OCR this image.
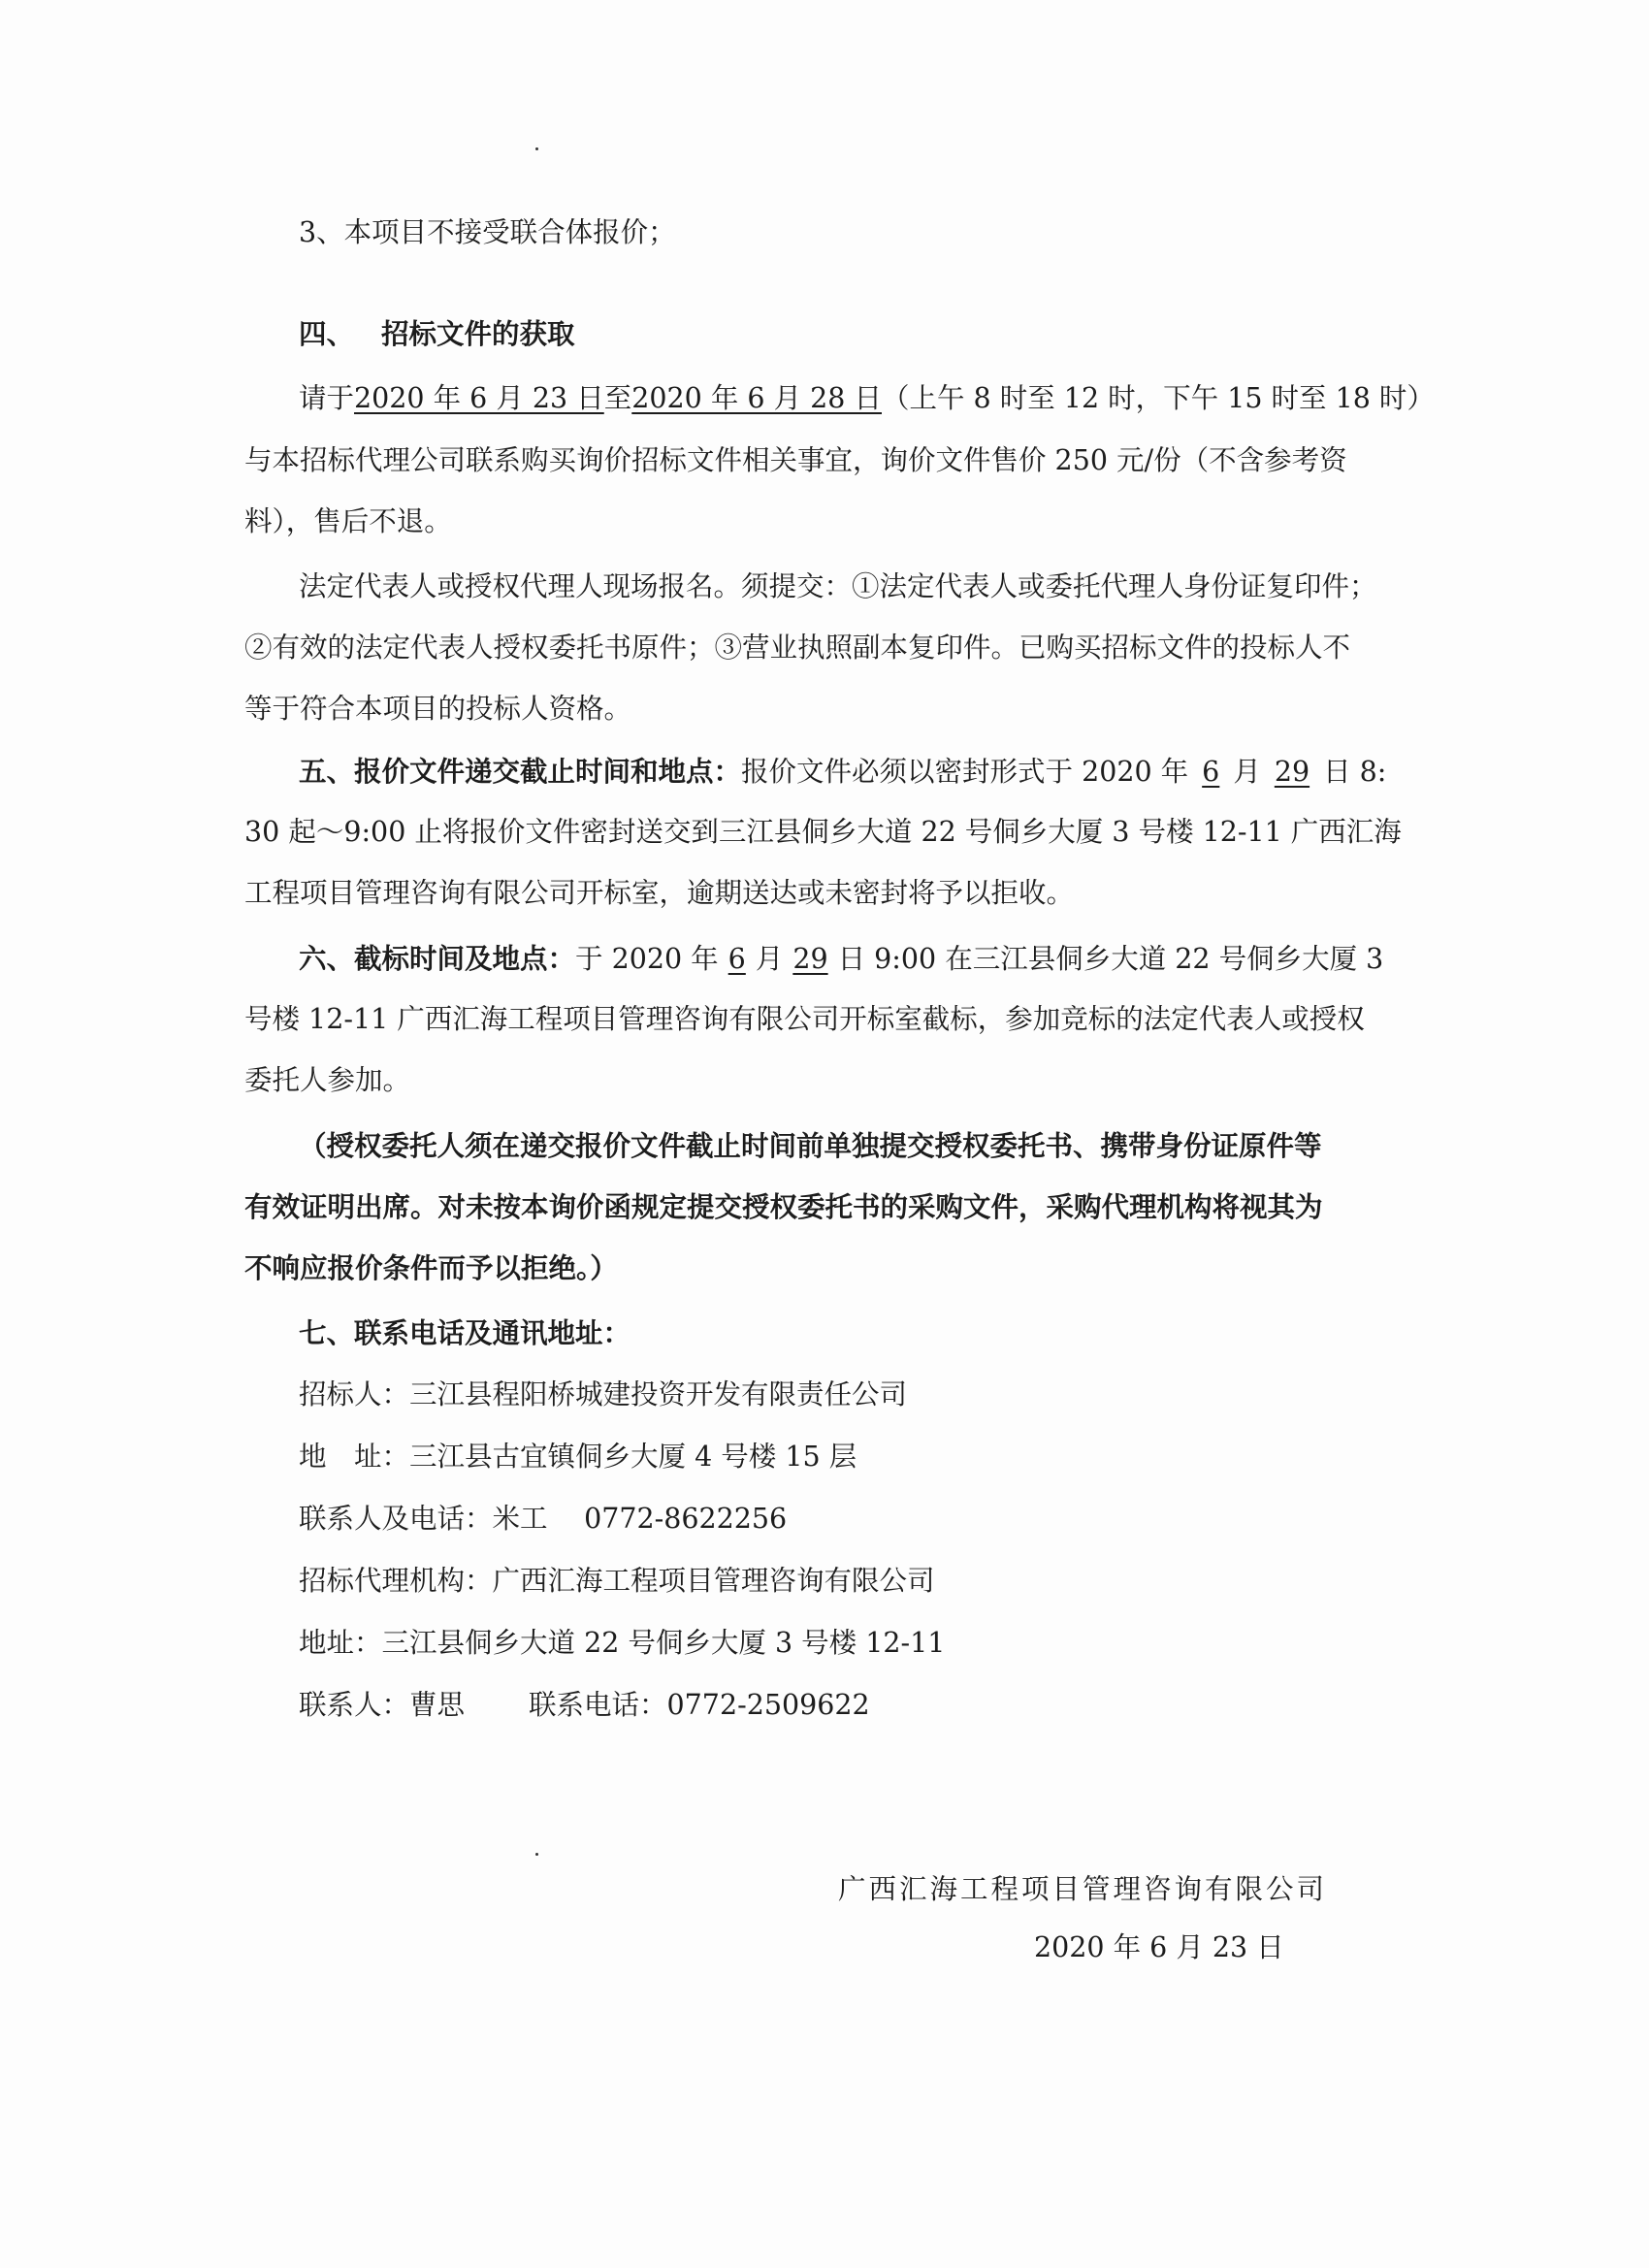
3、本项目不接受联合体报价；
四、 招标文件的获取
请于2020 年 6 月 23 日至2020 年 6 月 28 日（上午 8 时至 12 时，下午 15 时至 18 时）
与本招标代理公司联系购买询价招标文件相关事宜，询价文件售价 250 元/份（不含参考资
料），售后不退。
法定代表人或授权代理人现场报名。须提交：①法定代表人或委托代理人身份证复印件；
②有效的法定代表人授权委托书原件；③营业执照副本复印件。已购买招标文件的投标人不
等于符合本项目的投标人资格。
五、报价文件递交截止时间和地点：报价文件必须以密封形式于 2020 年 6 月 29 日 8:
30 起～9:00 止将报价文件密封送交到三江县侗乡大道 22 号侗乡大厦 3 号楼 12-11 广西汇海
工程项目管理咨询有限公司开标室，逾期送达或未密封将予以拒收。
六、截标时间及地点：于 2020 年 6 月 29 日 9:00 在三江县侗乡大道 22 号侗乡大厦 3
号楼 12-11 广西汇海工程项目管理咨询有限公司开标室截标，参加竞标的法定代表人或授权
委托人参加。
（授权委托人须在递交报价文件截止时间前单独提交授权委托书、携带身份证原件等
有效证明出席。对未按本询价函规定提交授权委托书的采购文件，采购代理机构将视其为
不响应报价条件而予以拒绝。）
七、联系电话及通讯地址：
招标人：三江县程阳桥城建投资开发有限责任公司
地　址：三江县古宜镇侗乡大厦 4 号楼 15 层
联系人及电话：米工　 0772-8622256
招标代理机构：广西汇海工程项目管理咨询有限公司
地址：三江县侗乡大道 22 号侗乡大厦 3 号楼 12-11
联系人：曹思 联系电话：0772-2509622
广西汇海工程项目管理咨询有限公司
2020 年 6 月 23 日
